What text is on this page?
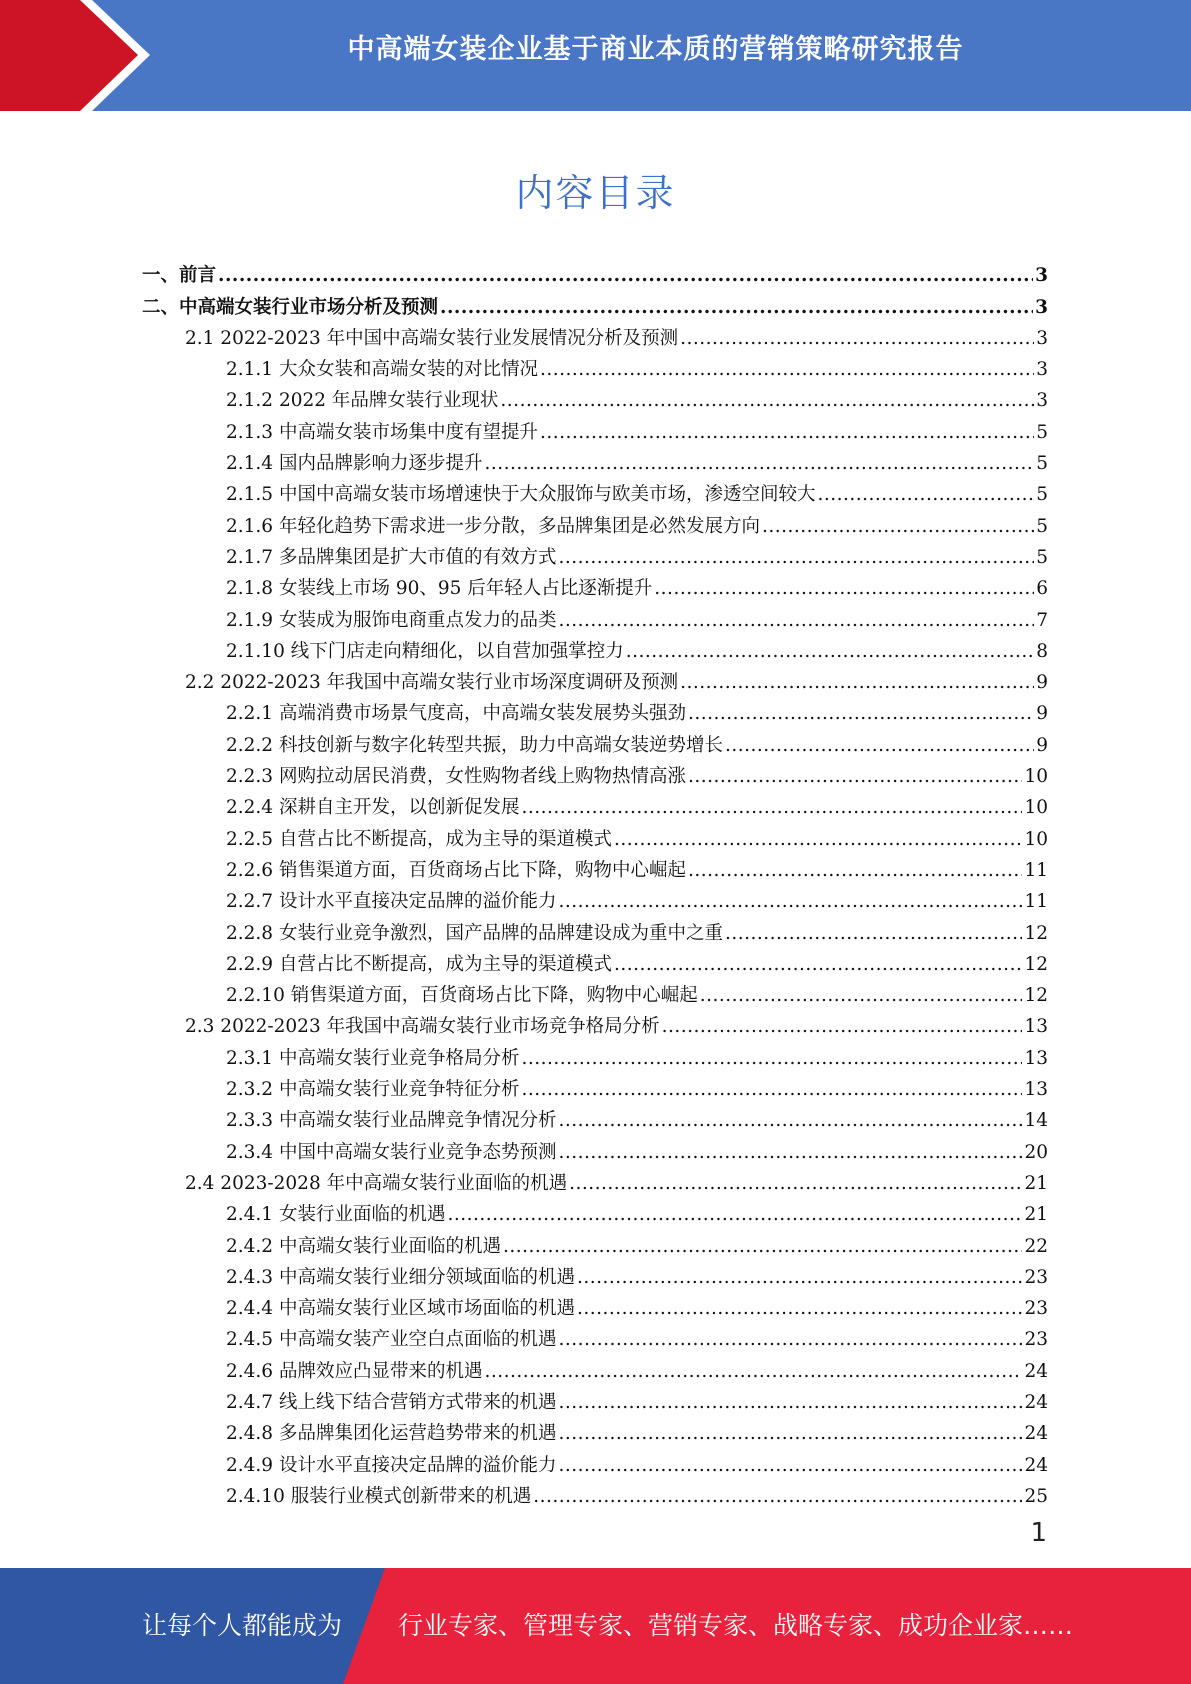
中高端女装企业基于商业本质的营销策略研究报告
内容目录
一、前言 .....	3
二、中高端女装行业市场分析及预测 .....	3
2.1 2022-2023 年中国中高端女装行业发展情况分析及预测 .....	3
2.1.1 大众女装和高端女装的对比情况 .....	3
2.1.2 2022 年品牌女装行业现状 .....	3
2.1.3 中高端女装市场集中度有望提升 .....	5
2.1.4 国内品牌影响力逐步提升 .....	5
2.1.5 中国中高端女装市场增速快于大众服饰与欧美市场，渗透空间较大 .....	5
2.1.6 年轻化趋势下需求进一步分散，多品牌集团是必然发展方向 .....	5
2.1.7 多品牌集团是扩大市值的有效方式 .....	5
2.1.8 女装线上市场 90、95 后年轻人占比逐渐提升 .....	6
2.1.9 女装成为服饰电商重点发力的品类 .....	7
2.1.10 线下门店走向精细化，以自营加强掌控力 .....	8
2.2 2022-2023 年我国中高端女装行业市场深度调研及预测 .....	9
2.2.1 高端消费市场景气度高，中高端女装发展势头强劲 .....	9
2.2.2 科技创新与数字化转型共振，助力中高端女装逆势增长 .....	9
2.2.3 网购拉动居民消费，女性购物者线上购物热情高涨 .....	10
2.2.4 深耕自主开发，以创新促发展 .....	10
2.2.5 自营占比不断提高，成为主导的渠道模式 .....	10
2.2.6 销售渠道方面，百货商场占比下降，购物中心崛起 .....	11
2.2.7 设计水平直接决定品牌的溢价能力 .....	11
2.2.8 女装行业竞争激烈，国产品牌的品牌建设成为重中之重 .....	12
2.2.9 自营占比不断提高，成为主导的渠道模式 .....	12
2.2.10 销售渠道方面，百货商场占比下降，购物中心崛起 .....	12
2.3 2022-2023 年我国中高端女装行业市场竞争格局分析 .....	13
2.3.1 中高端女装行业竞争格局分析 .....	13
2.3.2 中高端女装行业竞争特征分析 .....	13
2.3.3 中高端女装行业品牌竞争情况分析 .....	14
2.3.4 中国中高端女装行业竞争态势预测 .....	20
2.4 2023-2028 年中高端女装行业面临的机遇 .....	21
2.4.1 女装行业面临的机遇 .....	21
2.4.2 中高端女装行业面临的机遇 .....	22
2.4.3 中高端女装行业细分领域面临的机遇 .....	23
2.4.4 中高端女装行业区域市场面临的机遇 .....	23
2.4.5 中高端女装产业空白点面临的机遇 .....	23
2.4.6 品牌效应凸显带来的机遇 .....	24
2.4.7 线上线下结合营销方式带来的机遇 .....	24
2.4.8 多品牌集团化运营趋势带来的机遇 .....	24
2.4.9 设计水平直接决定品牌的溢价能力 .....	24
2.4.10 服装行业模式创新带来的机遇 .....	25
1
让每个人都能成为 行业专家、管理专家、营销专家、战略专家、成功企业家……
